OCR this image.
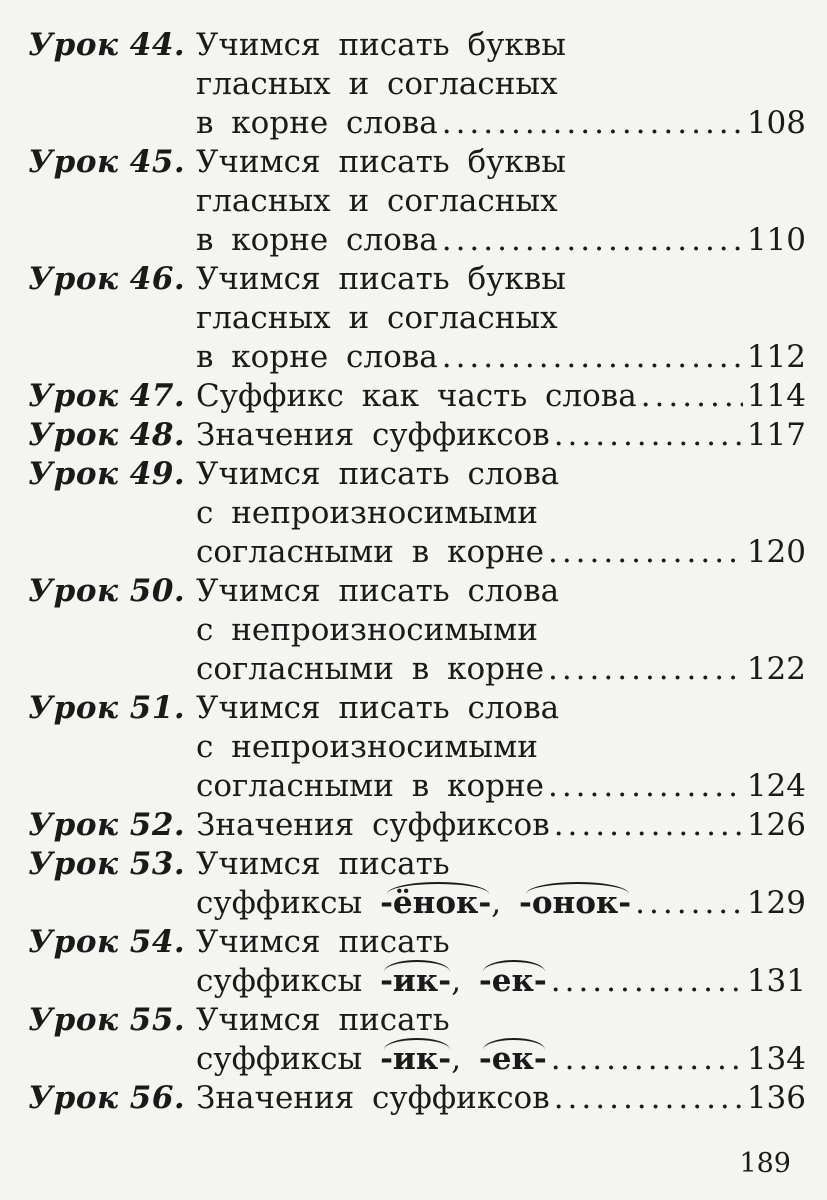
Урок 44. Учимся писать буквы
гласных и согласных
в корне слова .....	108
Урок 45. Учимся писать буквы
гласных и согласных
в корне слова .....	110
Урок 46. Учимся писать буквы
гласных и согласных
в корне слова .....	112
Урок 47. Суффикс как часть слова .....	114
Урок 48. Значения суффиксов .....	117
Урок 49. Учимся писать слова
с непроизносимыми
согласными в корне .....	120
Урок 50. Учимся писать слова
с непроизносимыми
согласными в корне .....	122
Урок 51. Учимся писать слова
с непроизносимыми
согласными в корне .....	124
Урок 52. Значения суффиксов .....	126
Урок 53. Учимся писать
суффиксы
-ёнок- , -онок- .....	129
Урок 54. Учимся писать
суффиксы
-ик- , -ек- .....	131
Урок 55. Учимся писать
суффиксы
-ик- , -ек- .....	134
Урок 56. Значения суффиксов .....	136
189
